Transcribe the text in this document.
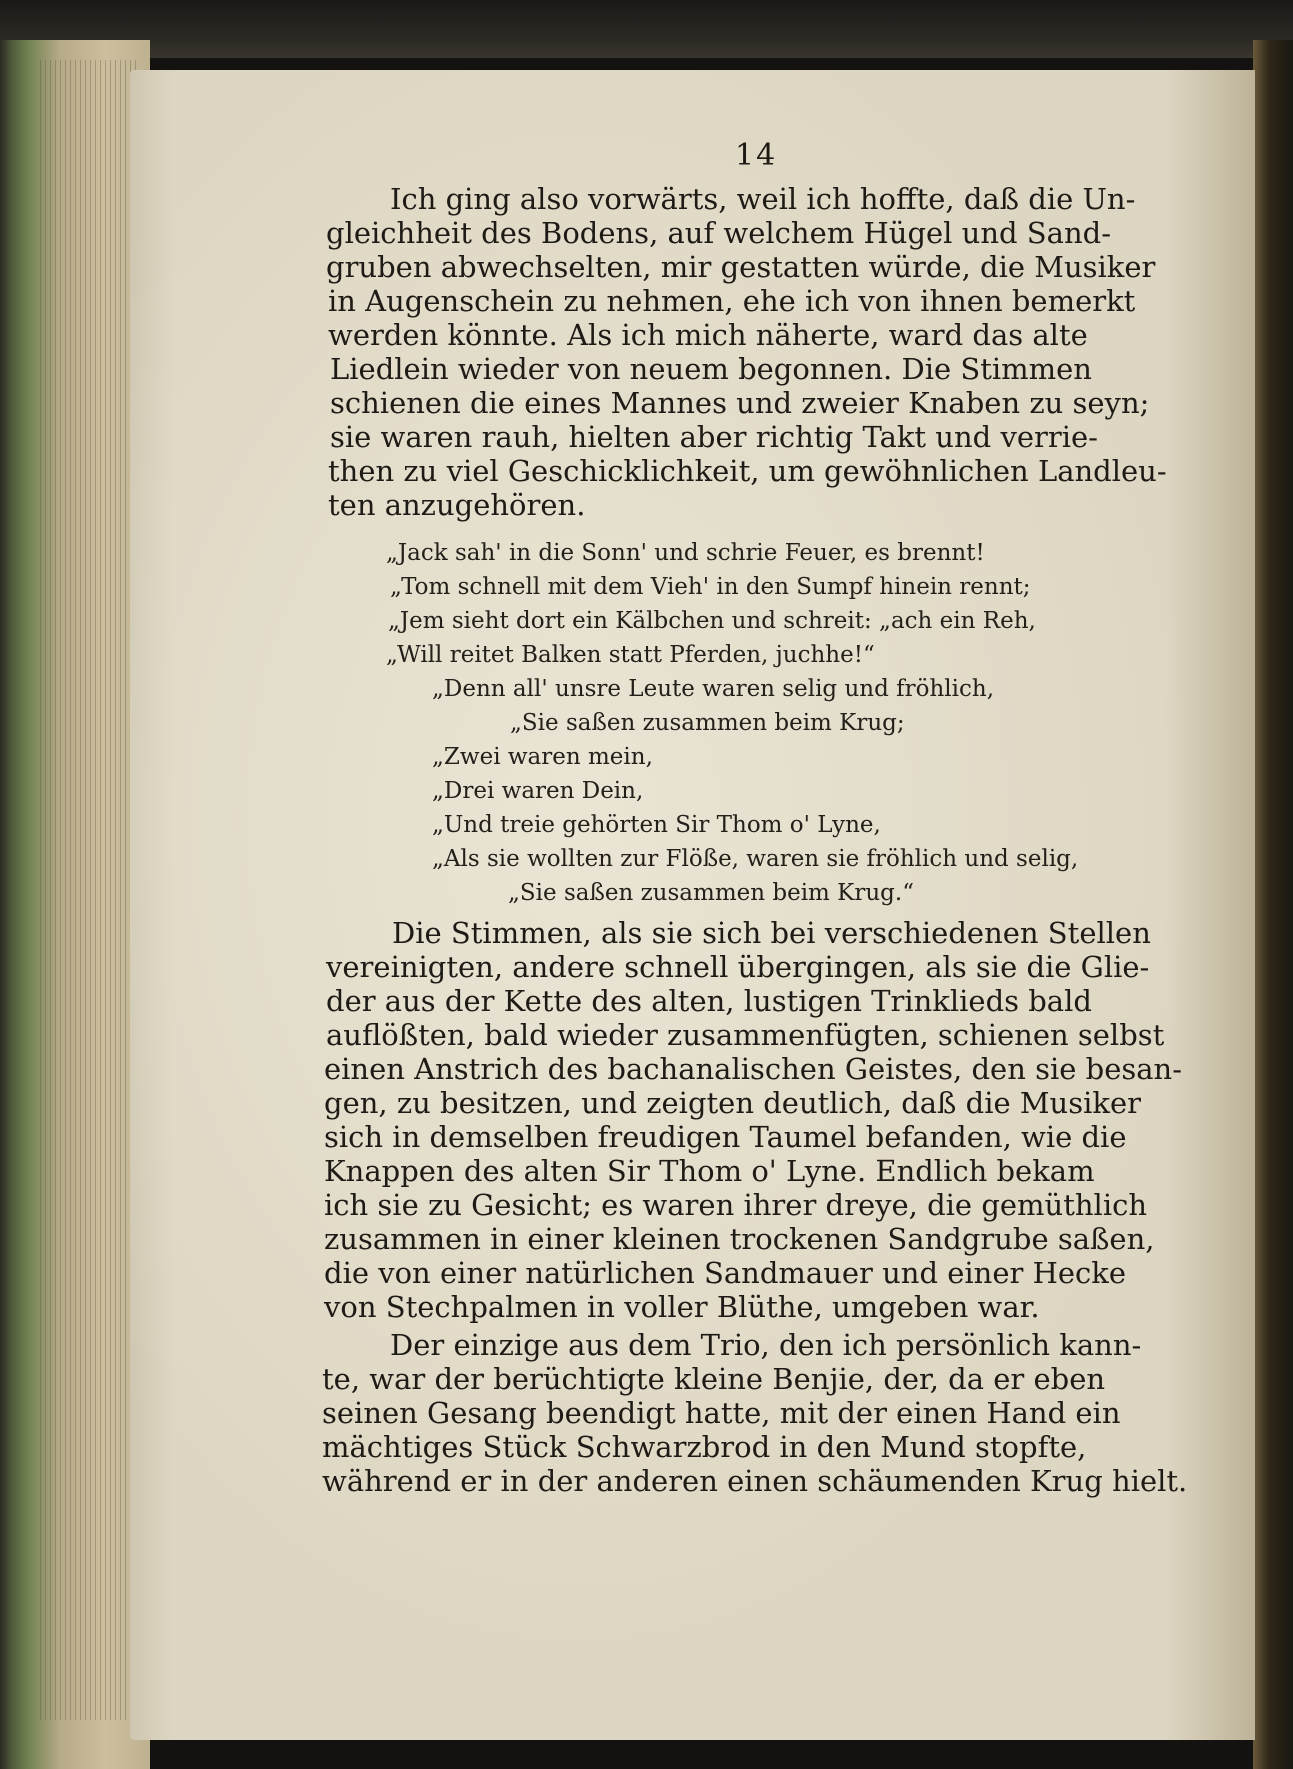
14
Ich ging also vorwärts, weil ich hoffte, daß die Un-
gleichheit des Bodens, auf welchem Hügel und Sand-
gruben abwechselten, mir gestatten würde, die Musiker
in Augenschein zu nehmen, ehe ich von ihnen bemerkt
werden könnte. Als ich mich näherte, ward das alte
Liedlein wieder von neuem begonnen. Die Stimmen
schienen die eines Mannes und zweier Knaben zu seyn;
sie waren rauh, hielten aber richtig Takt und verrie-
then zu viel Geschicklichkeit, um gewöhnlichen Landleu-
ten anzugehören.
„Jack sah' in die Sonn' und schrie Feuer, es brennt!
„Tom schnell mit dem Vieh' in den Sumpf hinein rennt;
„Jem sieht dort ein Kälbchen und schreit: „ach ein Reh,
„Will reitet Balken statt Pferden, juchhe!“
„Denn all' unsre Leute waren selig und fröhlich,
„Sie saßen zusammen beim Krug;
„Zwei waren mein,
„Drei waren Dein,
„Und treie gehörten Sir Thom o' Lyne,
„Als sie wollten zur Flöße, waren sie fröhlich und selig,
„Sie saßen zusammen beim Krug.“
Die Stimmen, als sie sich bei verschiedenen Stellen
vereinigten, andere schnell übergingen, als sie die Glie-
der aus der Kette des alten, lustigen Trinklieds bald
auflößten, bald wieder zusammenfügten, schienen selbst
einen Anstrich des bachanalischen Geistes, den sie besan-
gen, zu besitzen, und zeigten deutlich, daß die Musiker
sich in demselben freudigen Taumel befanden, wie die
Knappen des alten Sir Thom o' Lyne. Endlich bekam
ich sie zu Gesicht; es waren ihrer dreye, die gemüthlich
zusammen in einer kleinen trockenen Sandgrube saßen,
die von einer natürlichen Sandmauer und einer Hecke
von Stechpalmen in voller Blüthe, umgeben war.
Der einzige aus dem Trio, den ich persönlich kann-
te, war der berüchtigte kleine Benjie, der, da er eben
seinen Gesang beendigt hatte, mit der einen Hand ein
mächtiges Stück Schwarzbrod in den Mund stopfte,
während er in der anderen einen schäumenden Krug hielt.
